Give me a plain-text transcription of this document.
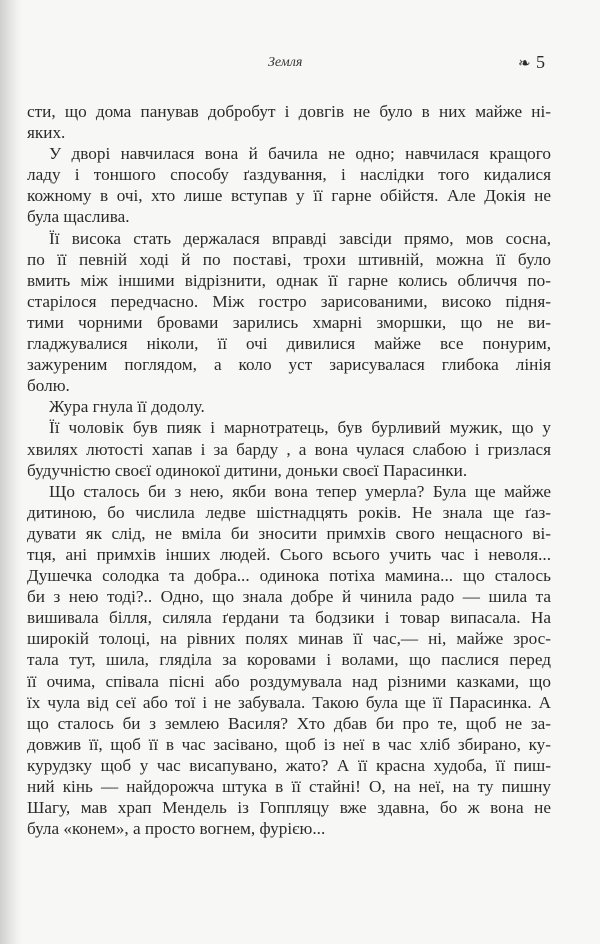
Земля	❧ 5
сти, що дома панував добробут і довгів не було в них майже ні-
яких.
У дворі навчилася вона й бачила не одно; навчилася кращого
ладу і тоншого способу ґаздування, і наслідки того кидалися
кожному в очі, хто лише вступав у її гарне обійстя. Але Докія не
була щаслива.
Її висока стать держалася вправді завсіди прямо, мов сосна,
по її певній ході й по поставі, трохи штивній, можна її було
вмить між іншими відрізнити, однак її гарне колись обличчя по-
старілося передчасно. Між гостро зарисованими, високо підня-
тими чорними бровами зарились хмарні зморшки, що не ви-
гладжувалися ніколи, її очі дивилися майже все понурим,
зажуреним поглядом, а коло уст зарисувалася глибока лінія
болю.
Жура гнула її додолу.
Її чоловік був пияк і марнотратець, був бурливий мужик, що у
хвилях лютості хапав і за барду , а вона чулася слабою і гризлася
будучністю своєї одинокої дитини, доньки своєї Парасинки.
Що сталось би з нею, якби вона тепер умерла? Була ще майже
дитиною, бо числила ледве шістнадцять років. Не знала ще ґаз-
дувати як слід, не вміла би зносити примхів свого нещасного ві-
тця, ані примхів інших людей. Сього всього учить час і неволя...
Душечка солодка та добра... одинока потіха мамина... що сталось
би з нею тоді?.. Одно, що знала добре й чинила радо — шила та
вишивала білля, силяла ґердани та бодзики і товар випасала. На
широкій толоці, на рівних полях минав її час,— ні, майже зрос-
тала тут, шила, гляділа за коровами і волами, що паслися перед
її очима, співала пісні або роздумувала над різними казками, що
їх чула від сеї або тої і не забувала. Такою була ще її Парасинка. А
що сталось би з землею Василя? Хто дбав би про те, щоб не за-
довжив її, щоб її в час засівано, щоб із неї в час хліб збирано, ку-
курудзку щоб у час висапувано, жато? А її красна худоба, її пиш-
ний кінь — найдорожча штука в її стайні! О, на неї, на ту пишну
Шагу, мав храп Мендель із Гоппляцу вже здавна, бо ж вона не
була «конем», а просто вогнем, фурією...
